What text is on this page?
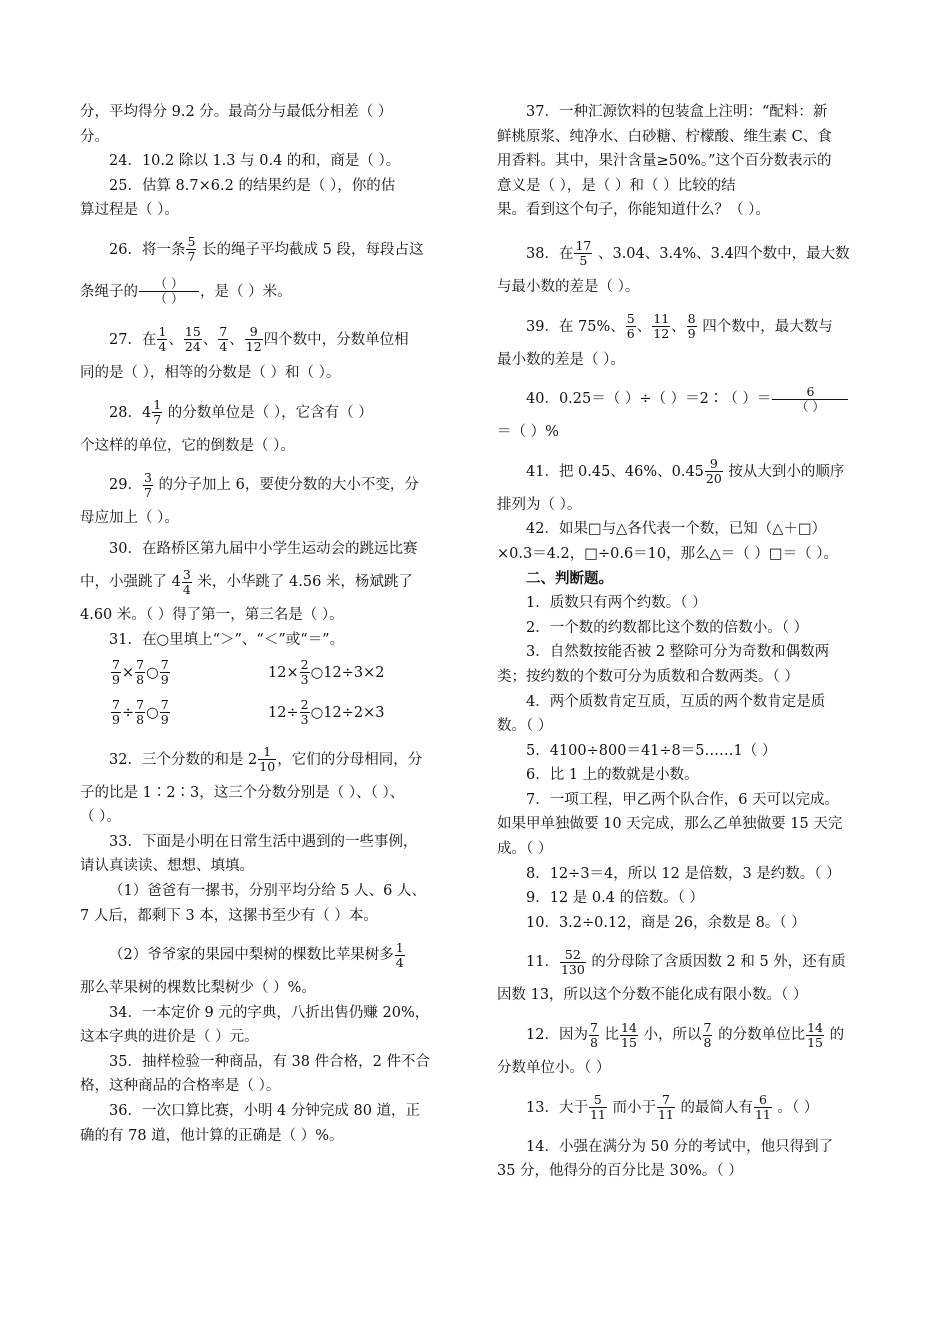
分，平均得分 9.2 分。最高分与最低分相差（ ）
分。
24．10.2 除以 1.3 与 0.4 的和，商是（ ）。
25．估算 8.7×6.2 的结果约是（ ），你的估
算过程是（ ）。
26．将一条 $\frac{5}{7}$ 长的绳子平均截成 5 段，每段占这
条绳子的 $\frac{( )}{( )}$ ，是（ ）米。
27．在 $\frac{1}{4}$ 、 $\frac{15}{24}$ 、 $\frac{7}{4}$ 、 $\frac{9}{12}$ 四个数中，分数单位相
同的是（ ），相等的分数是（ ）和（ ）。
28．$4 \frac{1}{7}$ 的分数单位是（ ），它含有（ ）
个这样的单位，它的倒数是（ ）。
29． $\frac{3}{7}$ 的分子加上 6，要使分数的大小不变，分
母应加上（ ）。
30．在路桥区第九届中小学生运动会的跳远比赛
中，小强跳了 $4 \frac{3}{4}$ 米，小华跳了 4.56 米，杨斌跳了
4.60 米。（ ）得了第一，第三名是（ ）。
31．在○里填上“＞”、“＜”或“＝”。
$\frac{7}{9} \times \frac{7}{8}$ ○ $\frac{7}{9}$	$12\times \frac{2}{3}$ ○12÷3×2
$\frac{7}{9} \div \frac{7}{8}$ ○ $\frac{7}{9}$	$12\div \frac{2}{3}$ ○12÷2×3
32．三个分数的和是 $2 \frac{1}{10}$ ，它们的分母相同，分
子的比是 1∶2∶3，这三个分数分别是（ ）、（ ）、
（ ）。
33．下面是小明在日常生活中遇到的一些事例，
请认真读读、想想、填填。
（1）爸爸有一摞书，分别平均分给 5 人、6 人、
7 人后，都剩下 3 本，这摞书至少有（ ）本。
（2）爷爷家的果园中梨树的棵数比苹果树多 $\frac{1}{4}$
那么苹果树的棵数比梨树少（ ）%。
34．一本定价 9 元的字典，八折出售仍赚 20%，
这本字典的进价是（ ）元。
35．抽样检验一种商品，有 38 件合格，2 件不合
格，这种商品的合格率是（ ）。
36．一次口算比赛，小明 4 分钟完成 80 道，正
确的有 78 道，他计算的正确是（ ）%。
37．一种汇源饮料的包装盒上注明：“配料：新
鲜桃原浆、纯净水、白砂糖、柠檬酸、维生素 C、食
用香料。其中，果汁含量≥50%。”这个百分数表示的
意义是（ ），是（ ）和（ ）比较的结
果。看到这个句子，你能知道什么？（ ）。
38．在 $\frac{17}{5}$ 、3.04、3.4%、3.· 4四个数中，最大数
与最小数的差是（ ）。
39．在 75%、 $\frac{5}{6}$ 、 $\frac{11}{12}$ 、 $\frac{8}{9}$ 四个数中，最大数与
最小数的差是（ ）。
40．0.25＝（ ）÷（ ）＝2∶（ ）＝ $\frac{6}{( )}$
＝（ ）%
41．把 0.· 4· 5、46%、$0.4\cdot 5 \frac{9}{20}$ 按从大到小的顺序
排列为（ ）。
42．如果□与△各代表一个数，已知（△＋□）
×0.3＝4.2，□÷0.6＝10，那么△＝（ ）□＝（ ）。
二、判断题。
1．质数只有两个约数。（ ）
2．一个数的约数都比这个数的倍数小。（ ）
3．自然数按能否被 2 整除可分为奇数和偶数两
类；按约数的个数可分为质数和合数两类。（ ）
4．两个质数肯定互质，互质的两个数肯定是质
数。（ ）
5．4100÷800＝41÷8＝5……1（ ）
6．比 1 上的数就是小数。
7．一项工程，甲乙两个队合作，6 天可以完成。
如果甲单独做要 10 天完成，那么乙单独做要 15 天完
成。（ ）
8．12÷3＝4，所以 12 是倍数，3 是约数。（ ）
9．12 是 0.4 的倍数。（ ）
10．3.2÷0.12，商是 26，余数是 8。（ ）
11． $\frac{52}{130}$ 的分母除了含质因数 2 和 5 外，还有质
因数 13，所以这个分数不能化成有限小数。（ ）
12．因为 $\frac{7}{8}$ 比 $\frac{14}{15}$ 小，所以 $\frac{7}{8}$ 的分数单位比 $\frac{14}{15}$ 的
分数单位小。（ ）
13．大于 $\frac{5}{11}$ 而小于 $\frac{7}{11}$ 的最简人有 $\frac{6}{11}$ 。（ ）
14．小强在满分为 50 分的考试中，他只得到了
35 分，他得分的百分比是 30%。（ ）
